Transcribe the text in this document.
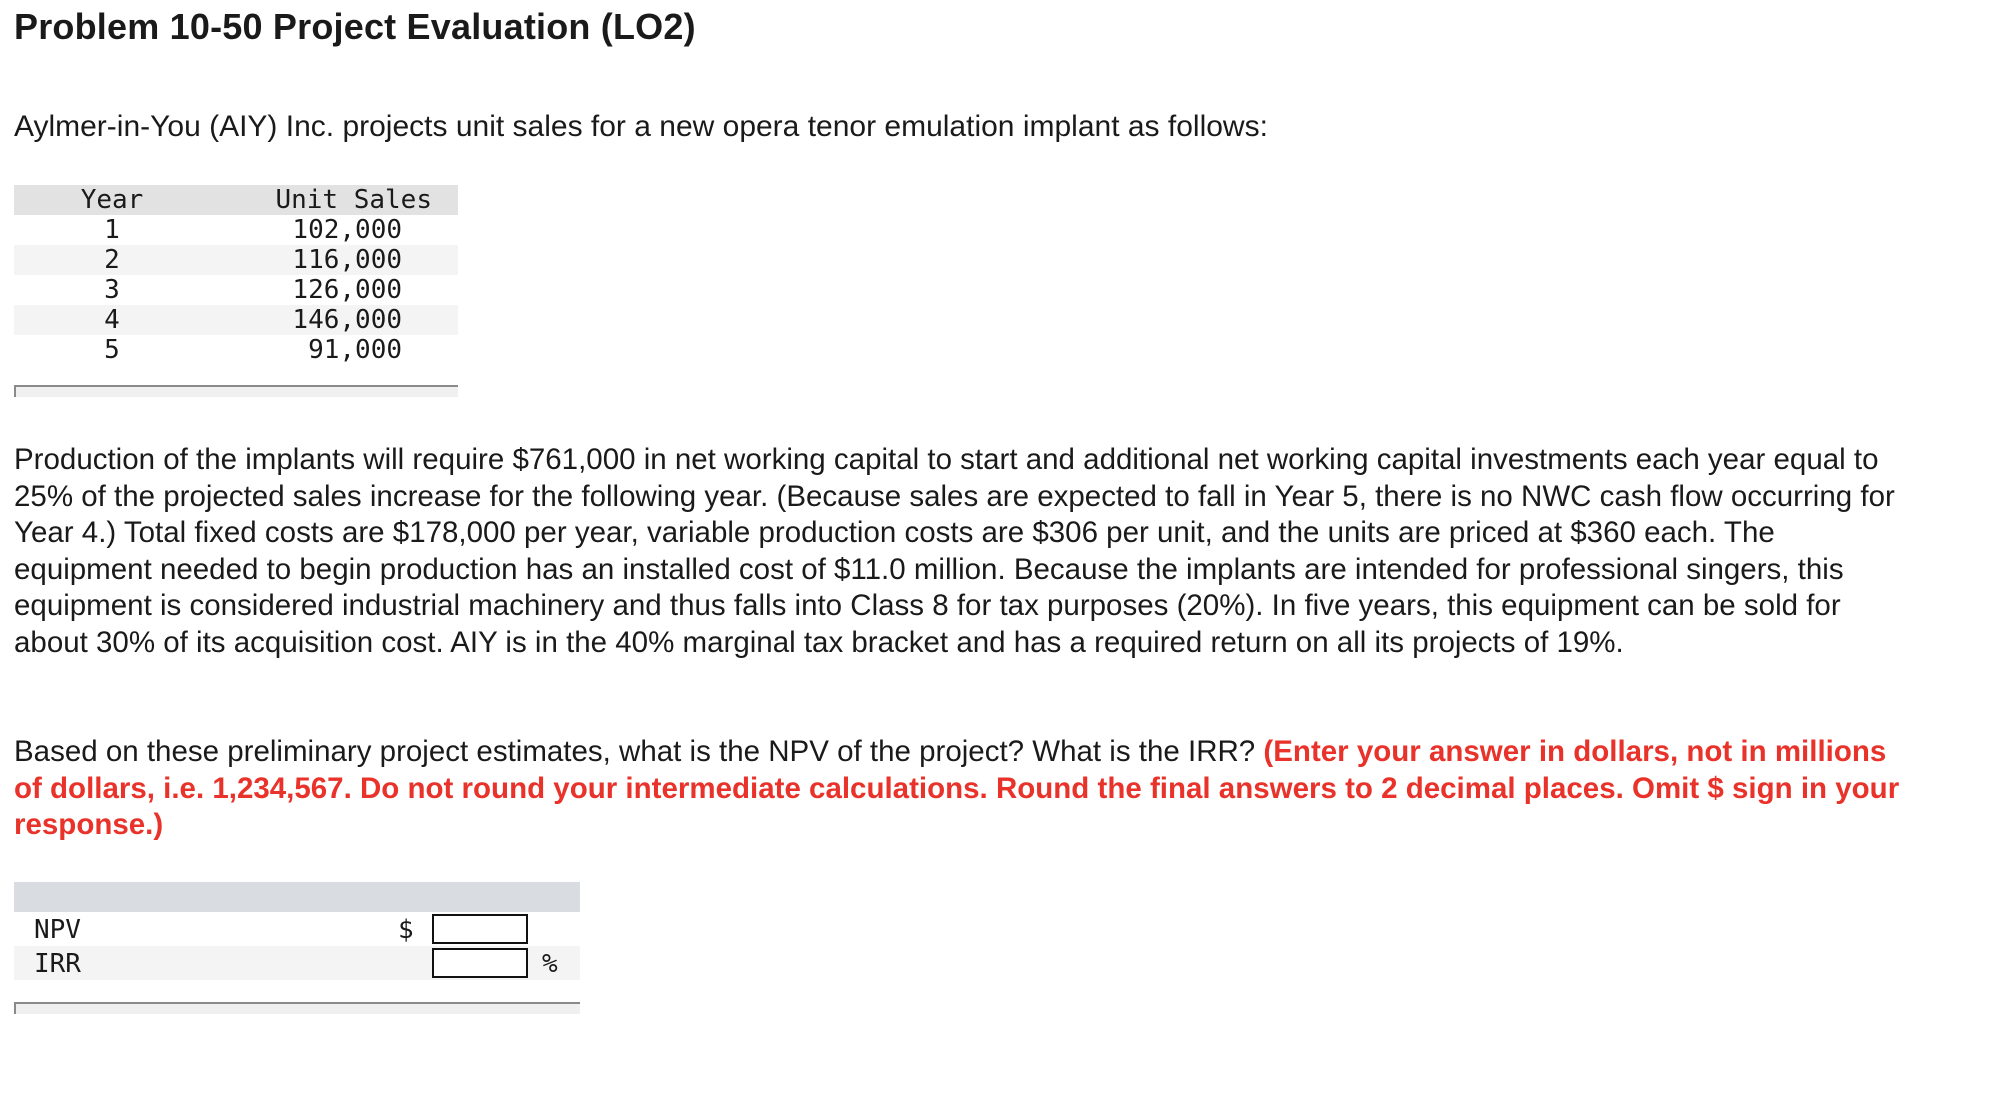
Problem 10-50 Project Evaluation (LO2)

Aylmer-in-You (AIY) Inc. projects unit sales for a new opera tenor emulation implant as follows:

Year	Unit Sales
1	102,000
2	116,000
3	126,000
4	146,000
5	91,000

Production of the implants will require $761,000 in net working capital to start and additional net working capital investments each year equal to 25% of the projected sales increase for the following year. (Because sales are expected to fall in Year 5, there is no NWC cash flow occurring for Year 4.) Total fixed costs are $178,000 per year, variable production costs are $306 per unit, and the units are priced at $360 each. The equipment needed to begin production has an installed cost of $11.0 million. Because the implants are intended for professional singers, this equipment is considered industrial machinery and thus falls into Class 8 for tax purposes (20%). In five years, this equipment can be sold for about 30% of its acquisition cost. AIY is in the 40% marginal tax bracket and has a required return on all its projects of 19%.

Based on these preliminary project estimates, what is the NPV of the project? What is the IRR? (Enter your answer in dollars, not in millions of dollars, i.e. 1,234,567. Do not round your intermediate calculations. Round the final answers to 2 decimal places. Omit $ sign in your response.)

NPV	$
IRR	%
